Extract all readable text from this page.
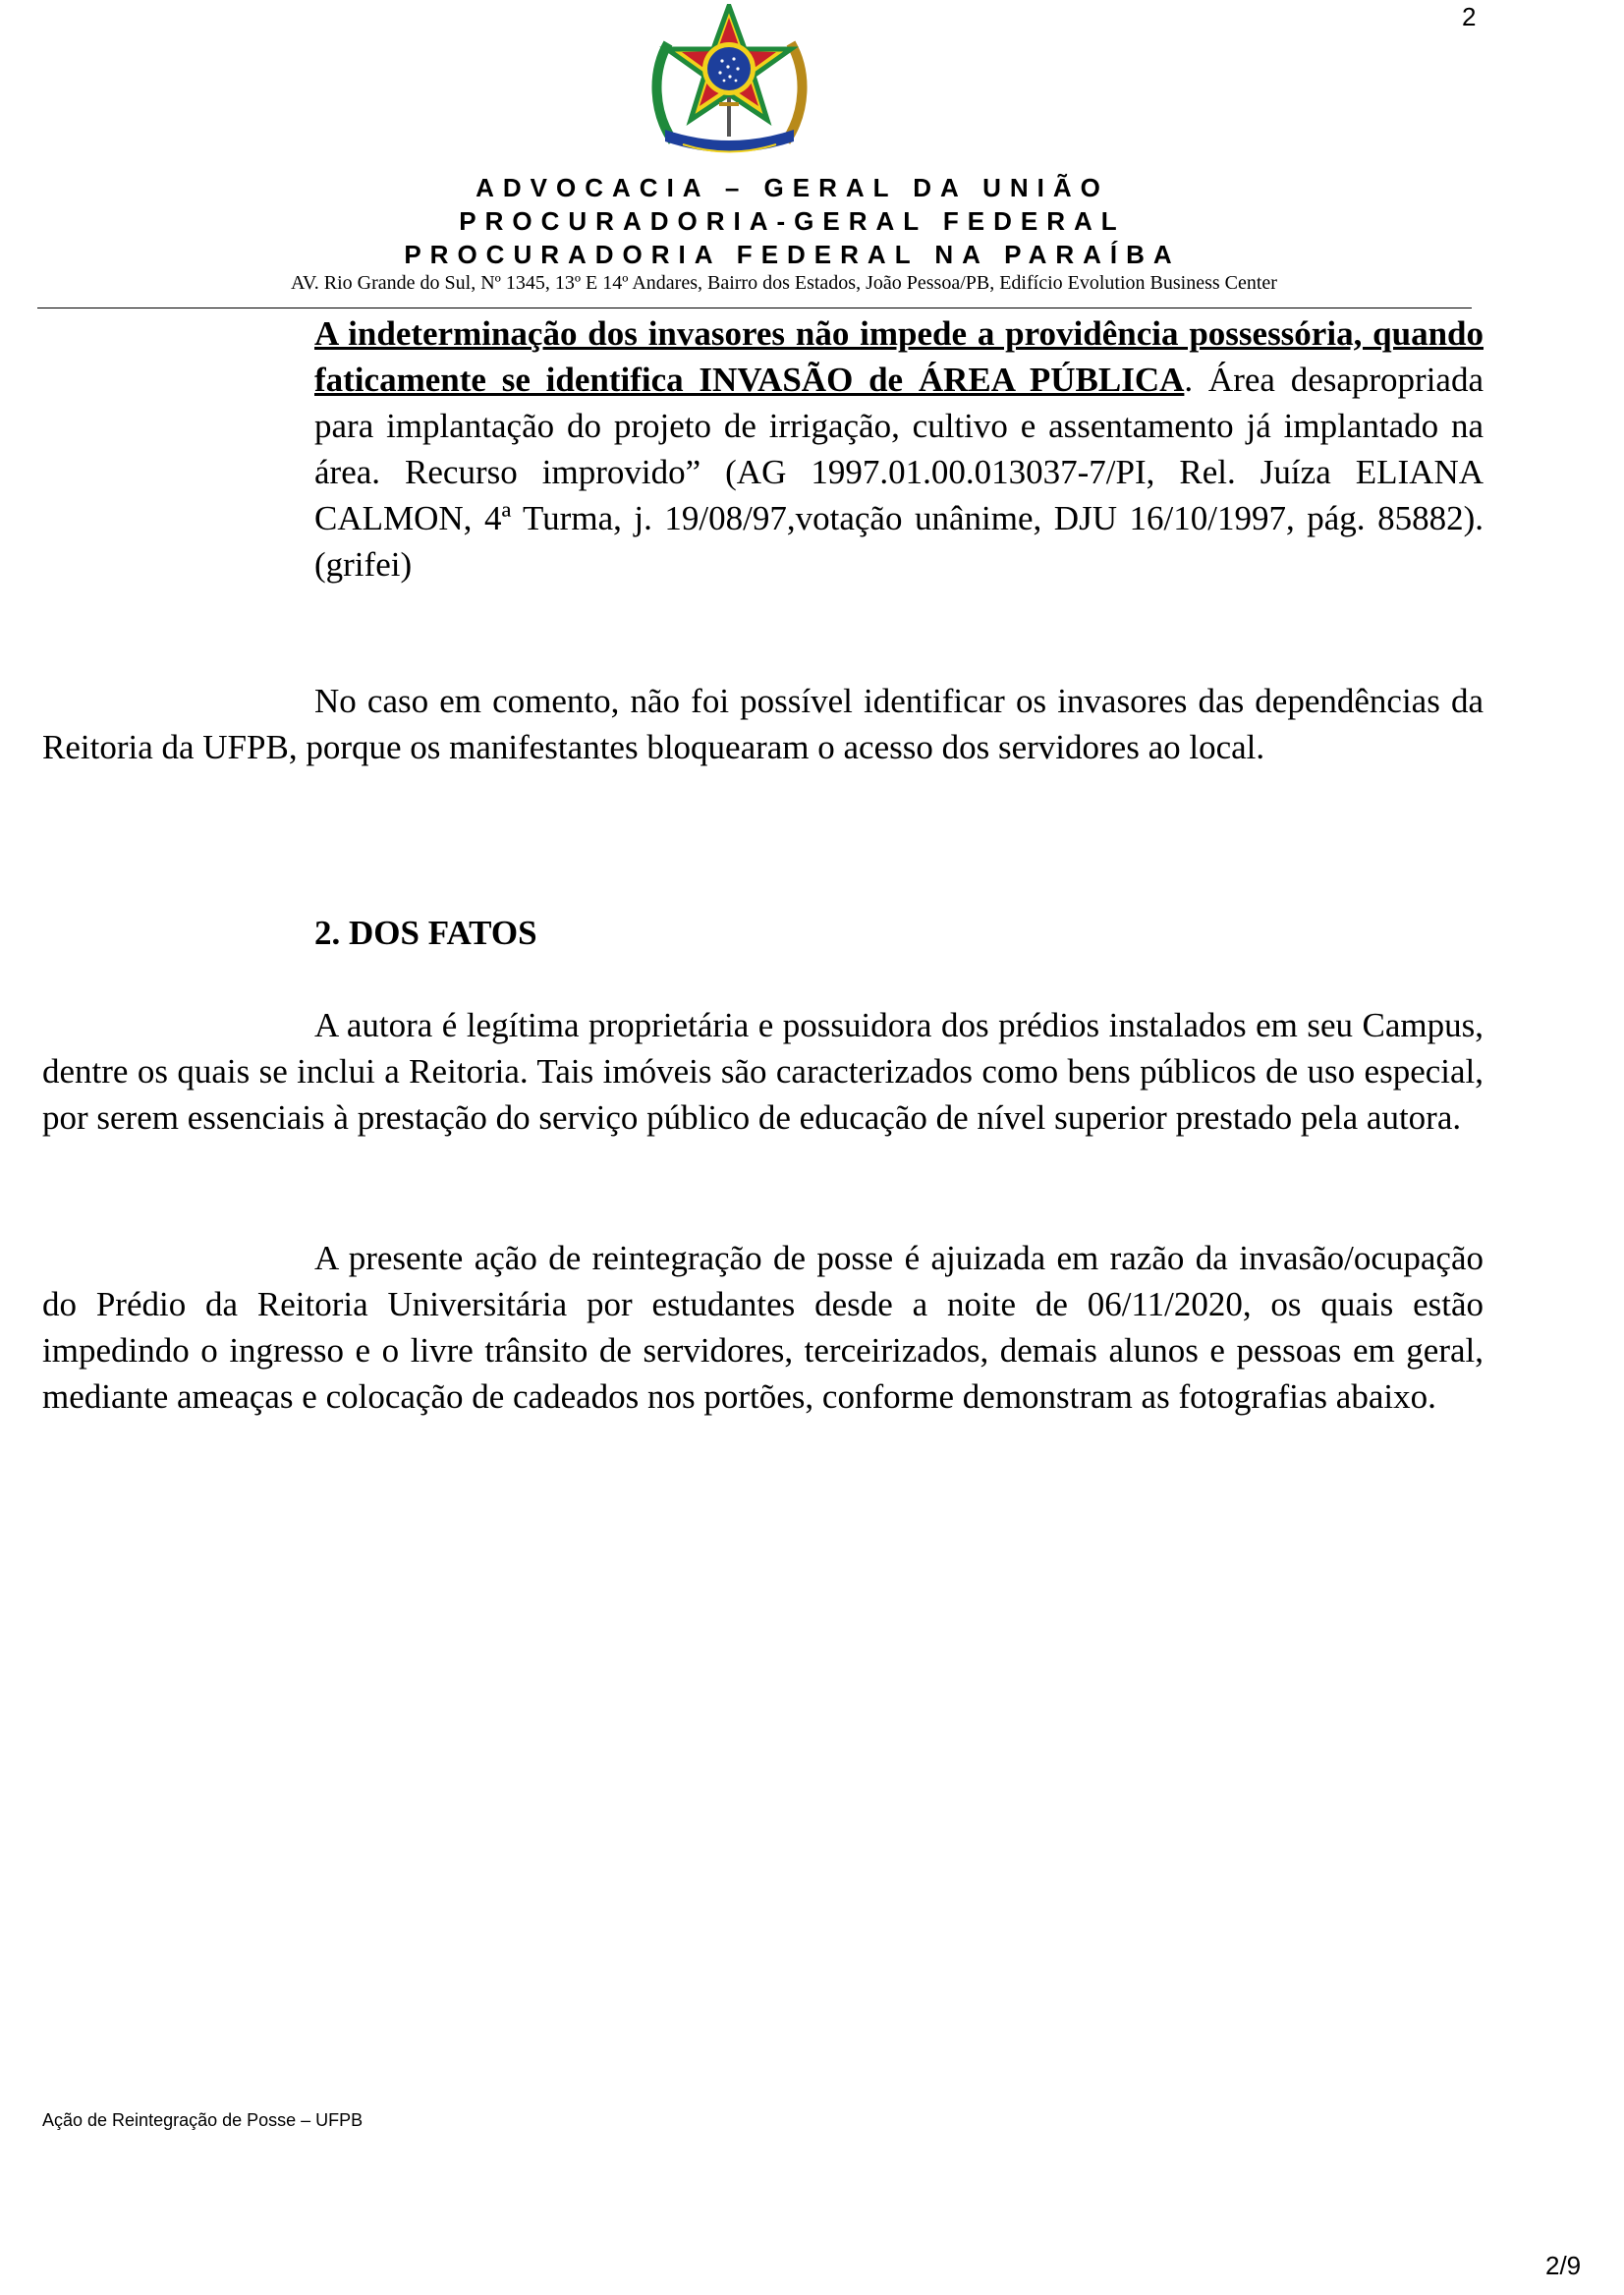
2
ADVOCACIA – GERAL DA UNIÃO
PROCURADORIA-GERAL FEDERAL
PROCURADORIA FEDERAL NA PARAÍBA
AV. Rio Grande do Sul, Nº 1345, 13º E 14º Andares, Bairro dos Estados, João Pessoa/PB, Edifício Evolution Business Center
A indeterminação dos invasores não impede a providência possessória, quando faticamente se identifica INVASÃO de ÁREA PÚBLICA. Área desapropriada para implantação do projeto de irrigação, cultivo e assentamento já implantado na área. Recurso improvido” (AG 1997.01.00.013037-7/PI, Rel. Juíza ELIANA CALMON, 4ª Turma, j. 19/08/97,votação unânime, DJU 16/10/1997, pág. 85882). (grifei)
No caso em comento, não foi possível identificar os invasores das dependências da Reitoria da UFPB, porque os manifestantes bloquearam o acesso dos servidores ao local.
2. DOS FATOS
A autora é legítima proprietária e possuidora dos prédios instalados em seu Campus, dentre os quais se inclui a Reitoria. Tais imóveis são caracterizados como bens públicos de uso especial, por serem essenciais à prestação do serviço público de educação de nível superior prestado pela autora.
A presente ação de reintegração de posse é ajuizada em razão da invasão/ocupação do Prédio da Reitoria Universitária por estudantes desde a noite de 06/11/2020, os quais estão impedindo o ingresso e o livre trânsito de servidores, terceirizados, demais alunos e pessoas em geral, mediante ameaças e colocação de cadeados nos portões, conforme demonstram as fotografias abaixo.
Ação de Reintegração de Posse – UFPB
2/9
